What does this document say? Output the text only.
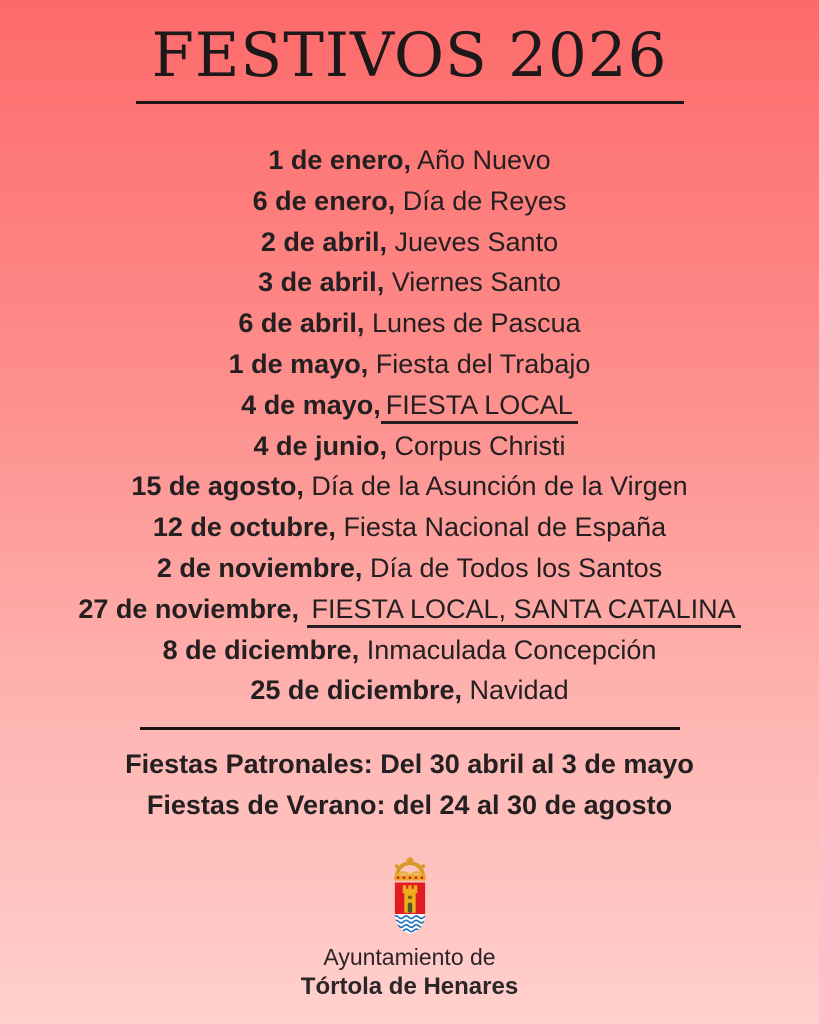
FESTIVOS 2026
1 de enero, Año Nuevo
6 de enero, Día de Reyes
2 de abril, Jueves Santo
3 de abril, Viernes Santo
6 de abril, Lunes de Pascua
1 de mayo, Fiesta del Trabajo
4 de mayo, FIESTA LOCAL
4 de junio, Corpus Christi
15 de agosto, Día de la Asunción de la Virgen
12 de octubre, Fiesta Nacional de España
2 de noviembre, Día de Todos los Santos
27 de noviembre, FIESTA LOCAL, SANTA CATALINA
8 de diciembre, Inmaculada Concepción
25 de diciembre, Navidad
Fiestas Patronales: Del 30 abril al 3 de mayo
Fiestas de Verano: del 24 al 30 de agosto
Ayuntamiento de
Tórtola de Henares
